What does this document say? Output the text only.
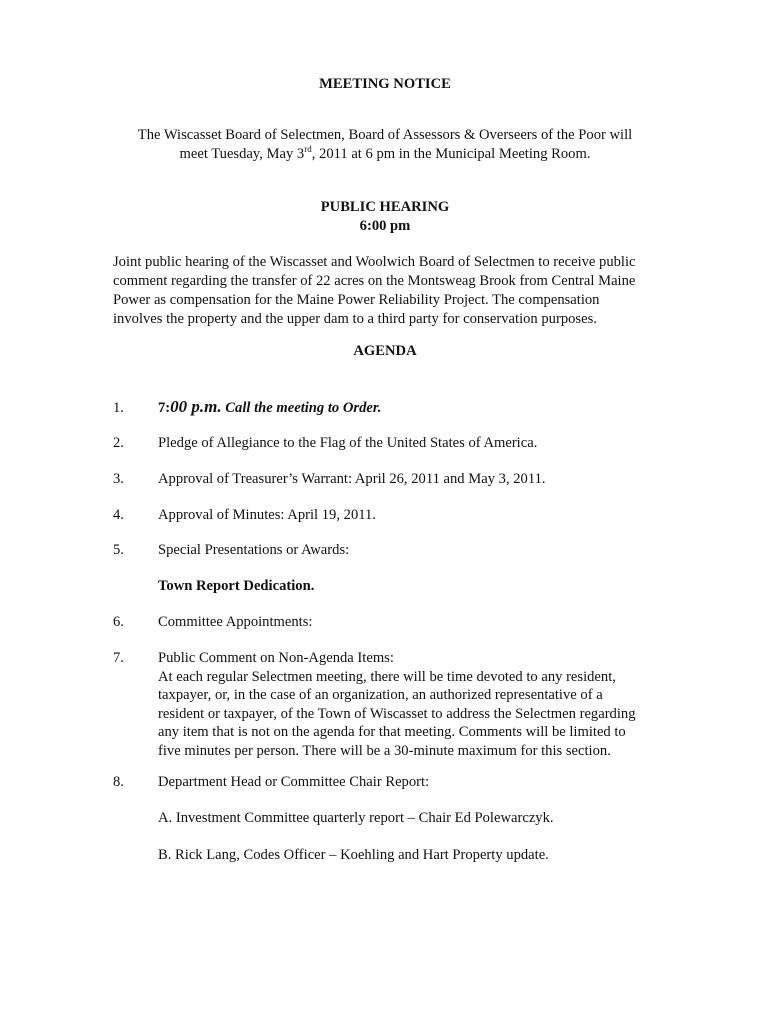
MEETING NOTICE
The Wiscasset Board of Selectmen, Board of Assessors & Overseers of the Poor will
meet Tuesday, May 3rd, 2011 at 6 pm in the Municipal Meeting Room.
PUBLIC HEARING
6:00 pm
Joint public hearing of the Wiscasset and Woolwich Board of Selectmen to receive public
comment regarding the transfer of 22 acres on the Montsweag Brook from Central Maine
Power as compensation for the Maine Power Reliability Project. The compensation
involves the property and the upper dam to a third party for conservation purposes.
AGENDA
1. 7:00 p.m. Call the meeting to Order.
2. Pledge of Allegiance to the Flag of the United States of America.
3. Approval of Treasurer’s Warrant: April 26, 2011 and May 3, 2011.
4. Approval of Minutes: April 19, 2011.
5. Special Presentations or Awards:
Town Report Dedication.
6. Committee Appointments:
7. Public Comment on Non-Agenda Items:
At each regular Selectmen meeting, there will be time devoted to any resident,
taxpayer, or, in the case of an organization, an authorized representative of a
resident or taxpayer, of the Town of Wiscasset to address the Selectmen regarding
any item that is not on the agenda for that meeting. Comments will be limited to
five minutes per person. There will be a 30-minute maximum for this section.
8. Department Head or Committee Chair Report:
A. Investment Committee quarterly report – Chair Ed Polewarczyk.
B. Rick Lang, Codes Officer – Koehling and Hart Property update.
